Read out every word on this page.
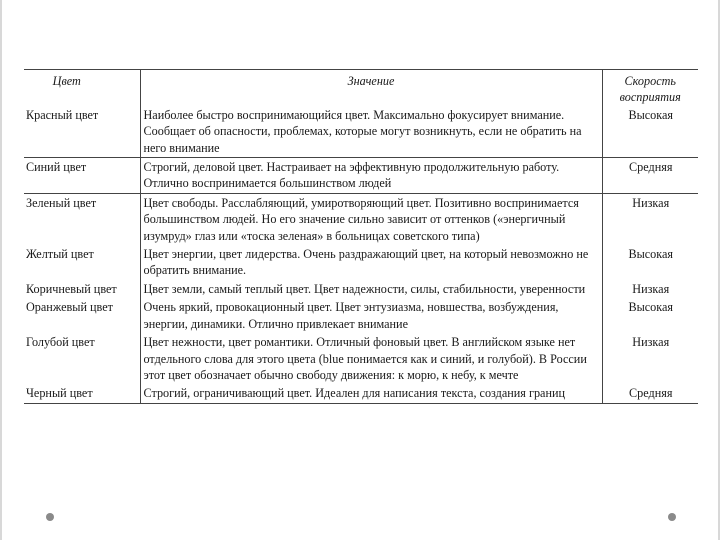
Цвет	Значение	Скорость восприятия
Красный цвет	Наиболее быстро воспринимающийся цвет. Максимально фокусирует внимание. Сообщает об опасности, проблемах, которые могут возникнуть, если не обратить на него внимание	Высокая
Синий цвет	Строгий, деловой цвет. Настраивает на эффективную продолжительную работу. Отлично воспринимается большинством людей	Средняя
Зеленый цвет	Цвет свободы. Расслабляющий, умиротворяющий цвет. Позитивно воспринимается большинством людей. Но его значение сильно зависит от оттенков («энергичный изумруд» глаз или «тоска зеленая» в больницах советского типа)	Низкая
Желтый цвет	Цвет энергии, цвет лидерства. Очень раздражающий цвет, на который невозможно не обратить внимание.	Высокая
Коричневый цвет	Цвет земли, самый теплый цвет. Цвет надежности, силы, стабильности, уверенности	Низкая
Оранжевый цвет	Очень яркий, провокационный цвет. Цвет энтузиазма, новшества, возбуждения, энергии, динамики. Отлично привлекает внимание	Высокая
Голубой цвет	Цвет нежности, цвет романтики. Отличный фоновый цвет. В английском языке нет отдельного слова для этого цвета (blue понимается как и синий, и голубой). В России этот цвет обозначает обычно свободу движения: к морю, к небу, к мечте	Низкая
Черный цвет	Строгий, ограничивающий цвет. Идеален для написания текста, создания границ	Средняя
